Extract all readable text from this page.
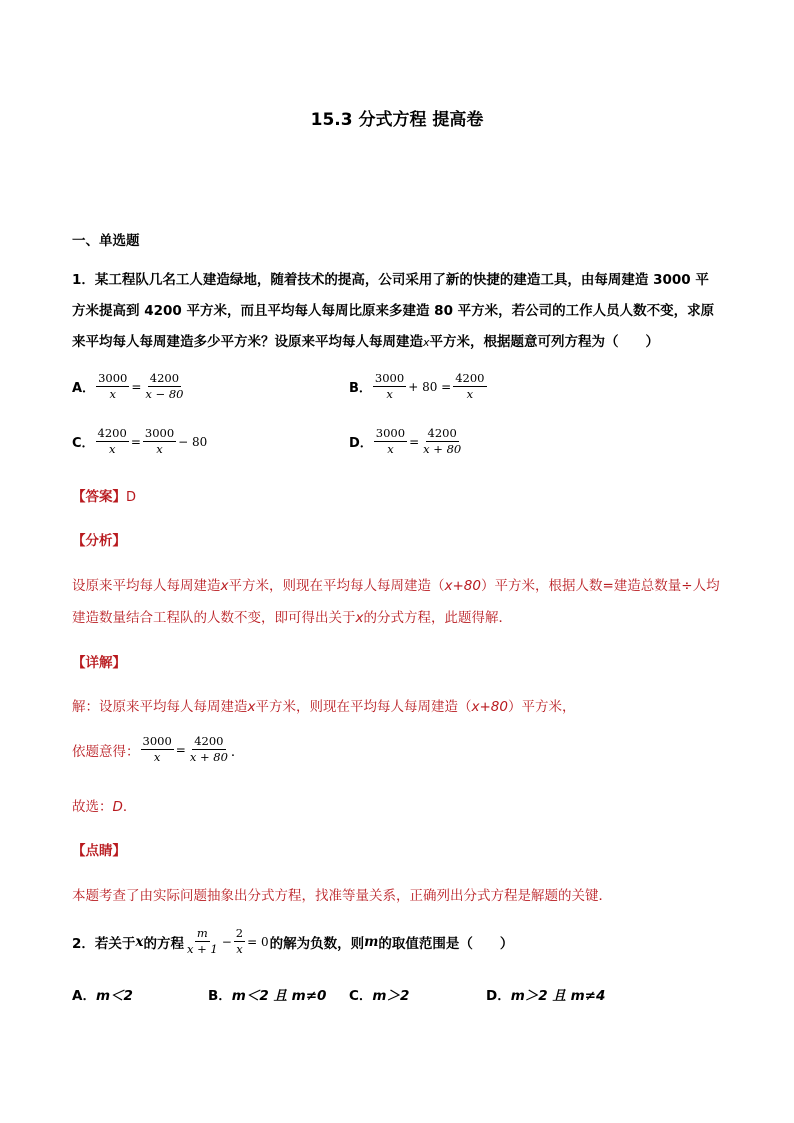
15.3 分式方程 提高卷
一、单选题
1．某工程队几名工人建造绿地，随着技术的提高，公司采用了新的快捷的建造工具，由每周建造 3000 平
方米提高到 4200 平方米，而且平均每人每周比原来多建造 80 平方米，若公司的工作人员人数不变，求原
来平均每人每周建造多少平方米？设原来平均每人每周建造x平方米，根据题意可列方程为（　　）
A． $\frac{3000}{x} = \frac{4200}{x - 80}$	B． $\frac{3000}{x} + 80 = \frac{4200}{x}$
C． $\frac{4200}{x} = \frac{3000}{x} - 80$	D． $\frac{3000}{x} = \frac{4200}{x + 80}$
【答案】D
【分析】
设原来平均每人每周建造x平方米，则现在平均每人每周建造（x+80）平方米，根据人数=建造总数量÷人均
建造数量结合工程队的人数不变，即可得出关于x的分式方程，此题得解．
【详解】
解：设原来平均每人每周建造x平方米，则现在平均每人每周建造（x+80）平方米，
依题意得： $\frac{3000}{x} = \frac{4200}{x + 80}$ ．
故选：D．
【点睛】
本题考查了由实际问题抽象出分式方程，找准等量关系，正确列出分式方程是解题的关键．
2．若关于 x 的方程 $\frac{m}{x + 1} - \frac{2}{x} = 0$ 的解为负数，则 m 的取值范围是（　　）
A．m＜2	B．m＜2 且 m≠0 C．m＞2	D．m＞2 且 m≠4
